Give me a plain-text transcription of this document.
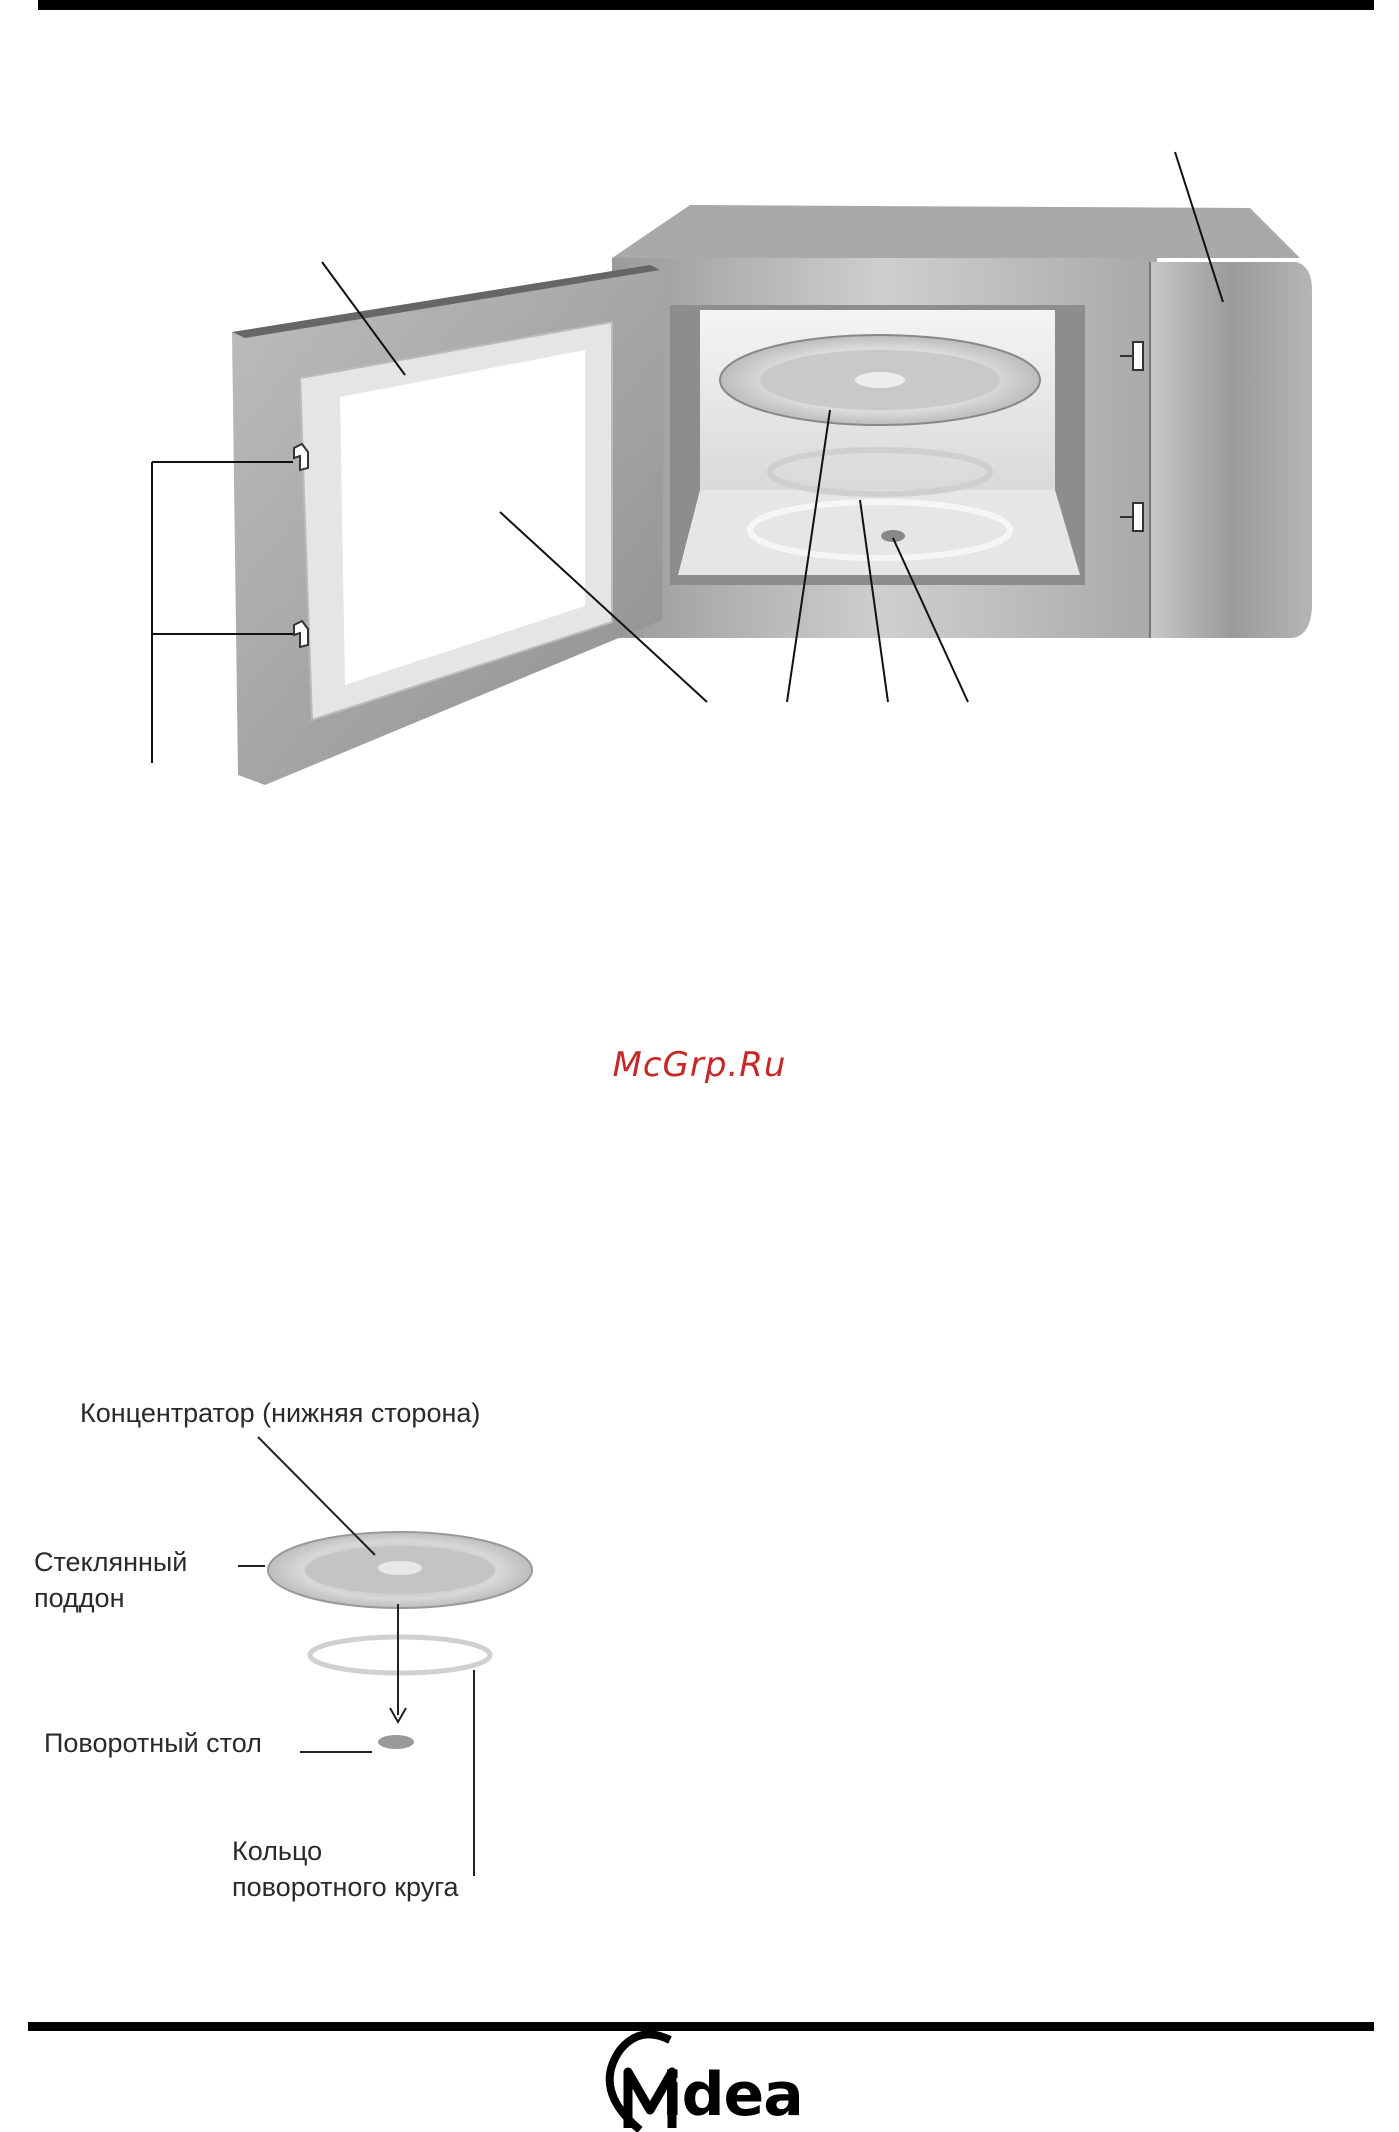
McGrp.Ru
Концентратор (нижняя сторона)
Стеклянный
поддон
Поворотный стол
Кольцо
поворотного круга
idea
